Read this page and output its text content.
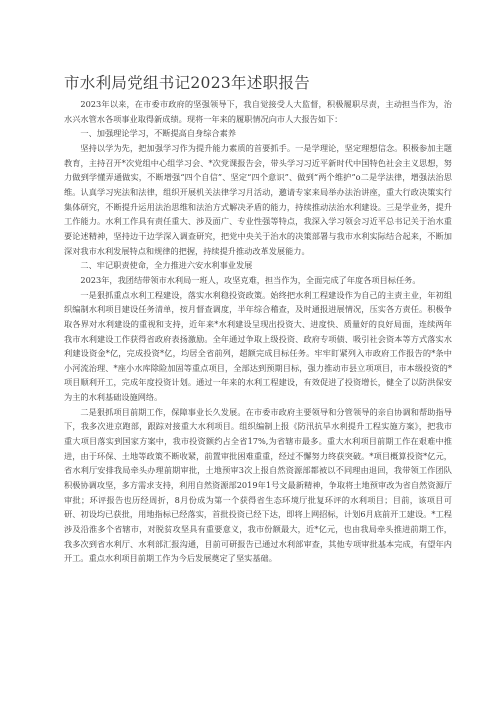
市水利局党组书记2023年述职报告

2023年以来，在市委市政府的坚强领导下，我自觉接受人大监督，积极履职尽责，主动担当作为，治水兴水管水各项事业取得新成绩。现将一年来的履职情况向市人大报告如下：

一、加强理论学习，不断提高自身综合素养

坚持以学为先，把加强学习作为提升能力素质的首要抓手。一是学理论，坚定理想信念。积极参加主题教育，主持召开*次党组中心组学习会、*次党课报告会，带头学习习近平新时代中国特色社会主义思想，努力做到学懂弄通做实，不断增强“四个自信”、坚定“四个意识”、做到“两个维护”o二是学法律，增强法治思维。认真学习宪法和法律，组织开展机关法律学习月活动，邀请专家来局举办法治讲座，重大行政决策实行集体研究，不断提升运用法治思维和法治方式解决矛盾的能力，持续推动法治水利建设。三是学业务，提升工作能力。水利工作具有责任重大、涉及面广、专业性强等特点，我深入学习领会习近平总书记关于治水重要论述精神，坚持边干边学深入调查研究，把党中央关于治水的决策部署与我市水利实际结合起来，不断加深对我市水利发展特点和规律的把握，持续提升推动改革发展能力。

二、牢记职责使命，全力推进六安水利事业发展

2023年，我团结带领市水利局一班人，攻坚克难，担当作为，全面完成了年度各项目标任务。

一是狠抓重点水利工程建设，落实水利稳投资政策。始终把水利工程建设作为自己的主责主业，年初组织编制水利项目建设任务清单，按月督查调度，半年综合稽查，及时通报进展情况，压实各方责任。积极争取各界对水利建设的重视和支持，近年来*水利建设呈现出投资大、进度快、质量好的良好局面，连续两年我市水利建设工作获得省政府表扬激励。全年通过争取上级投资、政府专项债、吸引社会资本等方式落实水利建设资金*亿，完成投资*亿，均居全省前列，超额完成目标任务。牢牢盯紧列入市政府工作报告的*条中小河流治理、*座小水库除险加固等重点项目，全部达到预期目标，强力推动市县立项项目，市本级投资的*项目顺利开工，完成年度投资计划。通过一年来的水利工程建设，有效促进了投资增长，健全了以防洪保安为主的水利基础设施网络。

二是狠抓项目前期工作，保障事业长久发展。在市委市政府主要领导和分管领导的亲自协调和帮助指导下，我多次进京跑部，跟踪对接重大水利项目。组织编制上报《防汛抗旱水利提升工程实施方案》，把我市重大项目落实到国家方案中，我市投资额约占全省17%,为省辖市最多。重大水利项目前期工作在艰难中推进，由于环保、土地等政策不断收紧，前置审批困难重重，经过不懈努力终获突破。*项目概算投资*亿元，省水利厅安排我局牵头办理前期审批，土地预审3次上报自然资源部都被以不同理由退回，我带领工作团队积极协调攻坚，多方需求支持，利用自然资源部2019年1号文最新精神，争取将土地预审改为省自然资源厅审批；环评报告也历经周折，8月份成为第一个获得省生态环境厅批复环评的水利项目；目前，该项目可研、初设均已获批，用地指标已经落实，首批投资已经下达，即将上网招标，计划6月底前开工建设。*工程涉及沿淮多个省辖市，对脱贫攻坚具有重要意义，我市份额最大，近*亿元，也由我局牵头推进前期工作，我多次到省水利厅、水利部汇报沟通，目前可研报告已通过水利部审查，其他专项审批基本完成，有望年内开工。重点水利项目前期工作为今后发展奠定了坚实基础。
